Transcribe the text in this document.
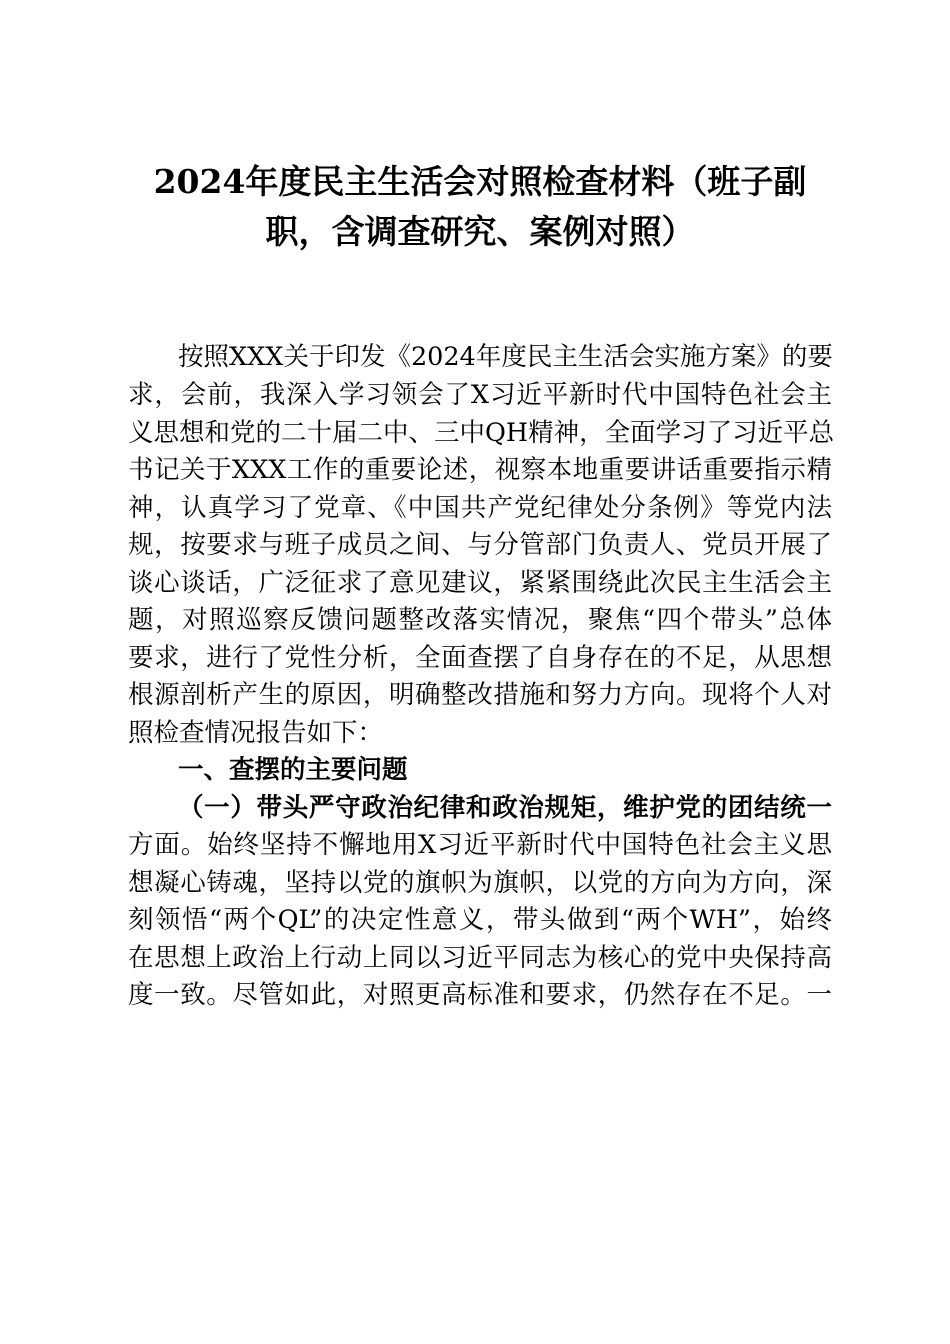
2024年度民主生活会对照检查材料（班子副
职，含调查研究、案例对照）
按照XXX关于印发《2024年度民主生活会实施方案》的要
求，会前，我深入学习领会了X习近平新时代中国特色社会主
义思想和党的二十届二中、三中QH精神，全面学习了习近平总
书记关于XXX工作的重要论述，视察本地重要讲话重要指示精
神，认真学习了党章、《中国共产党纪律处分条例》等党内法
规，按要求与班子成员之间、与分管部门负责人、党员开展了
谈心谈话，广泛征求了意见建议，紧紧围绕此次民主生活会主
题，对照巡察反馈问题整改落实情况，聚焦“四个带头”总体
要求，进行了党性分析，全面查摆了自身存在的不足，从思想
根源剖析产生的原因，明确整改措施和努力方向。现将个人对
照检查情况报告如下：
一、查摆的主要问题
（一）带头严守政治纪律和政治规矩，维护党的团结统一
方面。始终坚持不懈地用X习近平新时代中国特色社会主义思
想凝心铸魂，坚持以党的旗帜为旗帜，以党的方向为方向，深
刻领悟“两个QL”的决定性意义，带头做到“两个WH”，始终
在思想上政治上行动上同以习近平同志为核心的党中央保持高
度一致。尽管如此，对照更高标准和要求，仍然存在不足。一
